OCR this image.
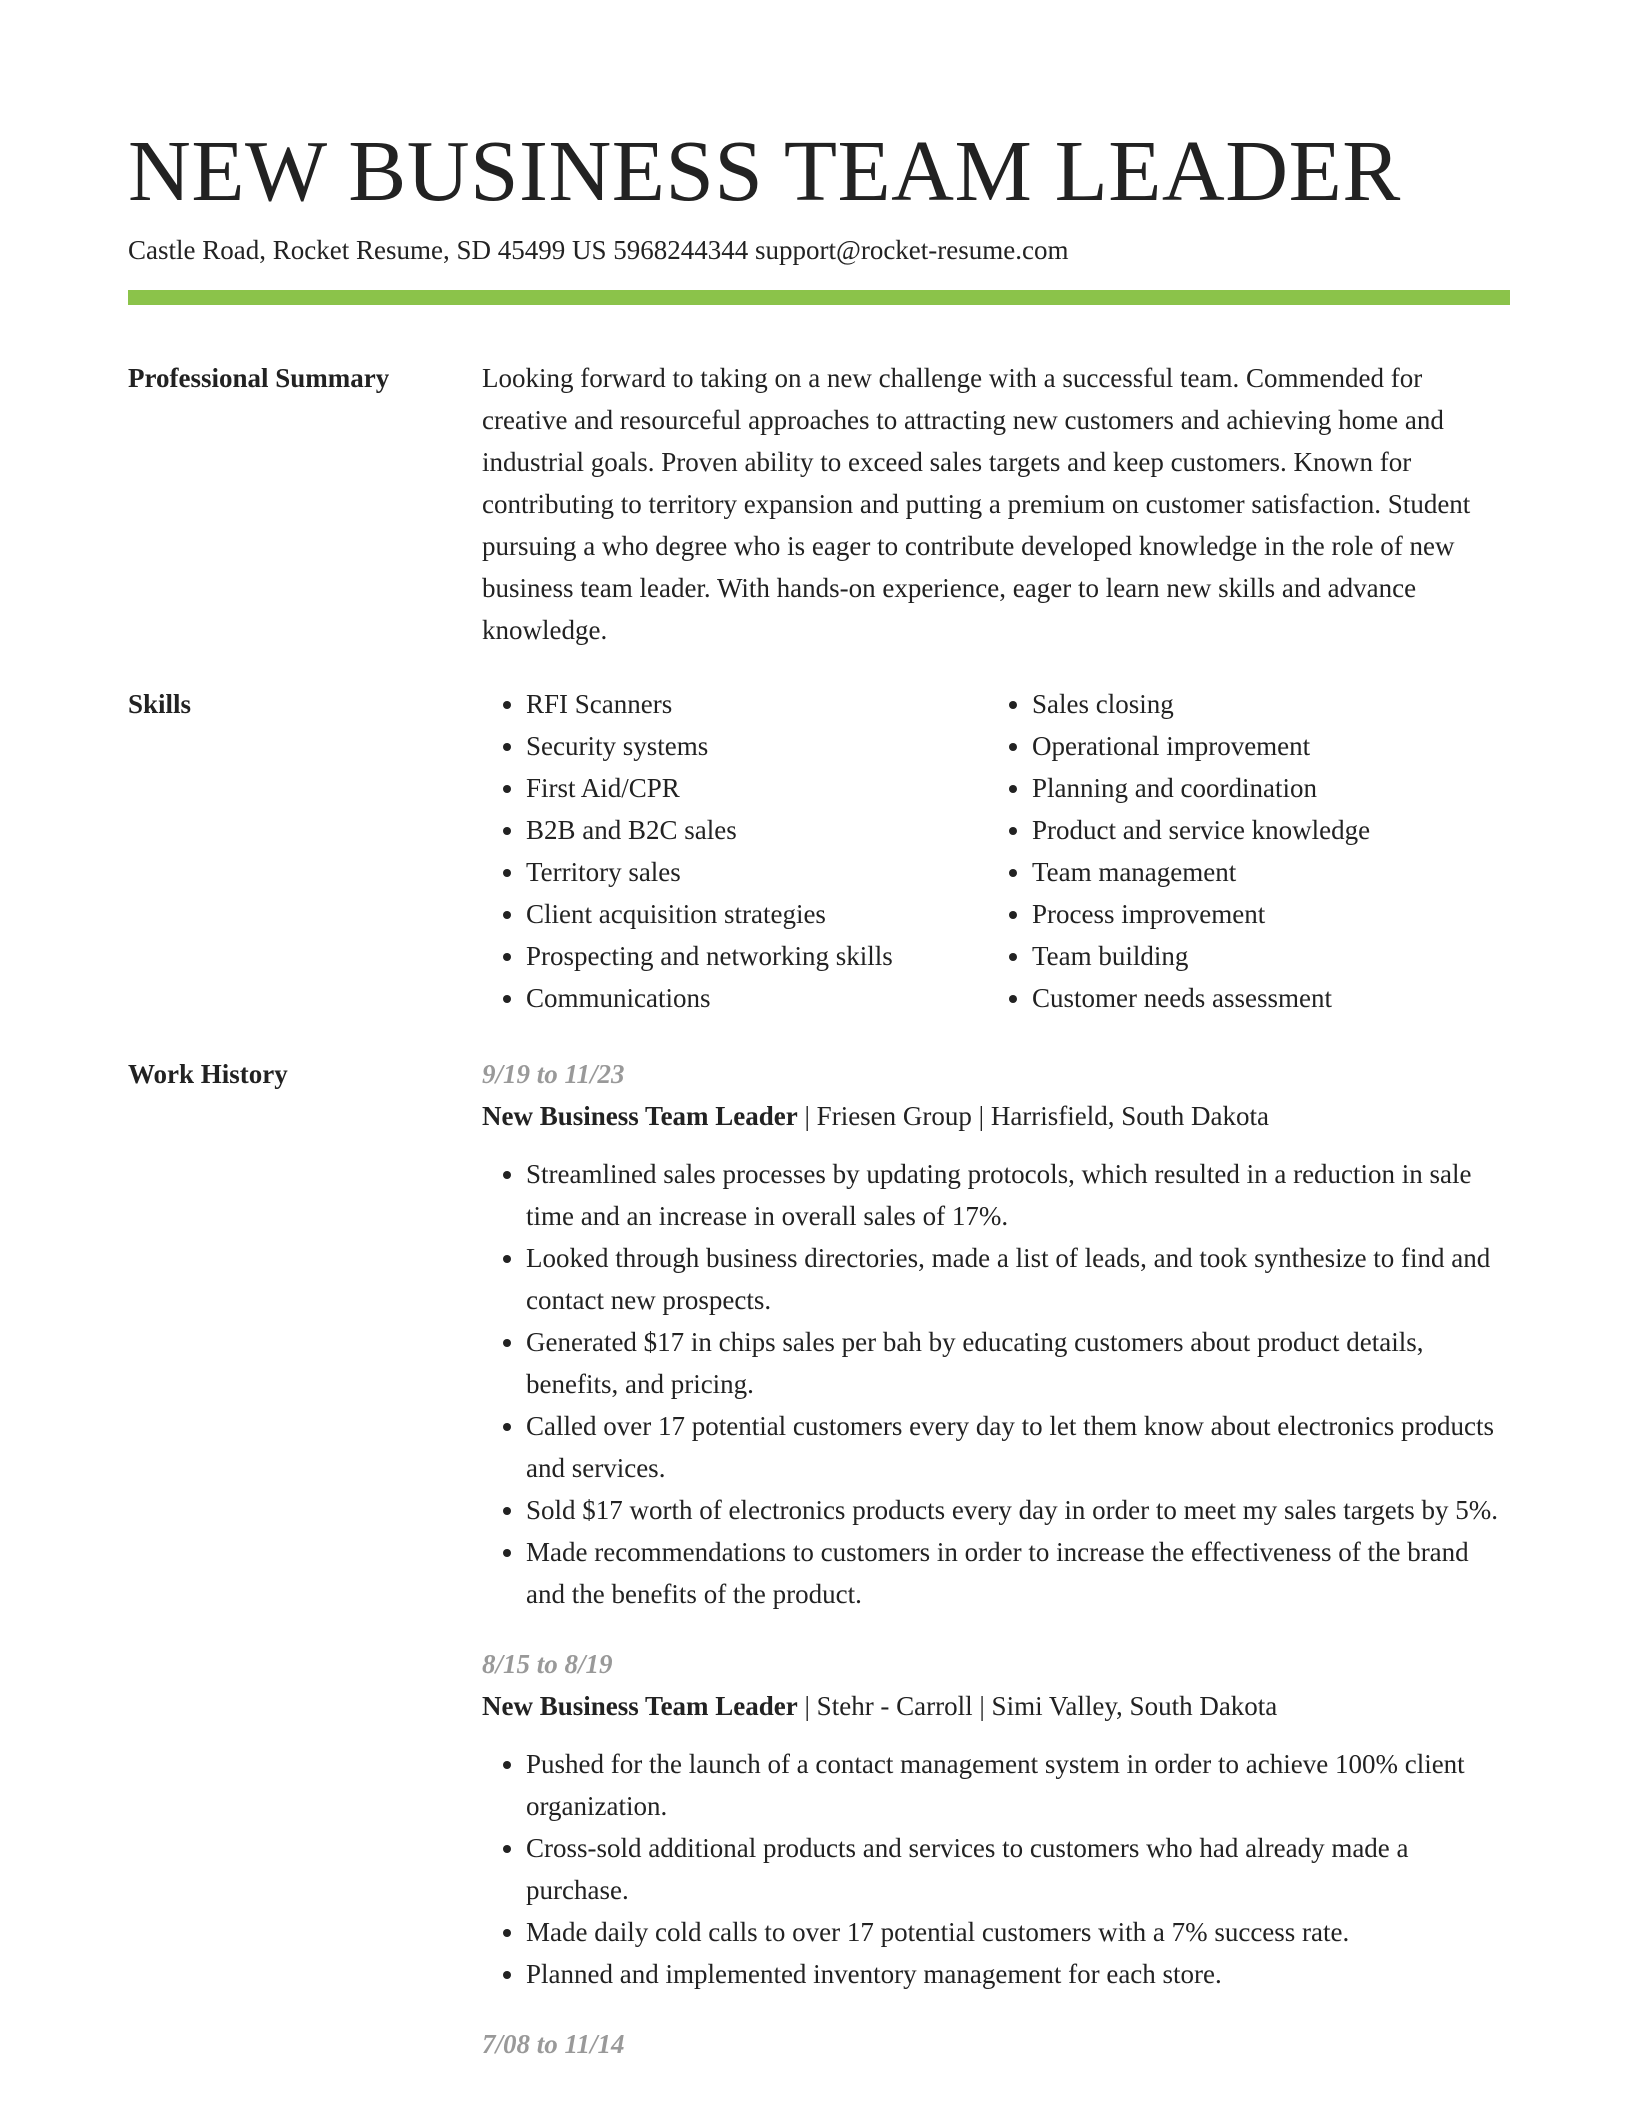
NEW BUSINESS TEAM LEADER
Castle Road, Rocket Resume, SD 45499 US 5968244344 support@rocket-resume.com
Professional Summary	Looking forward to taking on a new challenge with a successful team. Commended for creative and resourceful approaches to attracting new customers and achieving home and industrial goals. Proven ability to exceed sales targets and keep customers. Known for contributing to territory expansion and putting a premium on customer satisfaction. Student pursuing a who degree who is eager to contribute developed knowledge in the role of new business team leader. With hands-on experience, eager to learn new skills and advance knowledge.

Skills
•	RFI Scanners
• Security systems
• First Aid/CPR
• B2B and B2C sales
• Territory sales
• Client acquisition strategies
• Prospecting and networking skills
• Communications
• Sales closing
• Operational improvement
• Planning and coordination
• Product and service knowledge
• Team management
• Process improvement
• Team building
• Customer needs assessment
Work History	9/19 to 11/23
New Business Team Leader | Friesen Group | Harrisfield, South Dakota
• Streamlined sales processes by updating protocols, which resulted in a reduction in sale time and an increase in overall sales of 17%.
• Looked through business directories, made a list of leads, and took synthesize to find and contact new prospects.
• Generated $17 in chips sales per bah by educating customers about product details, benefits, and pricing.
• Called over 17 potential customers every day to let them know about electronics products and services.
• Sold $17 worth of electronics products every day in order to meet my sales targets by 5%.
• Made recommendations to customers in order to increase the effectiveness of the brand and the benefits of the product.
8/15 to 8/19
New Business Team Leader | Stehr - Carroll | Simi Valley, South Dakota
• Pushed for the launch of a contact management system in order to achieve 100% client organization.
• Cross-sold additional products and services to customers who had already made a purchase.
• Made daily cold calls to over 17 potential customers with a 7% success rate.
• Planned and implemented inventory management for each store.
7/08 to 11/14
